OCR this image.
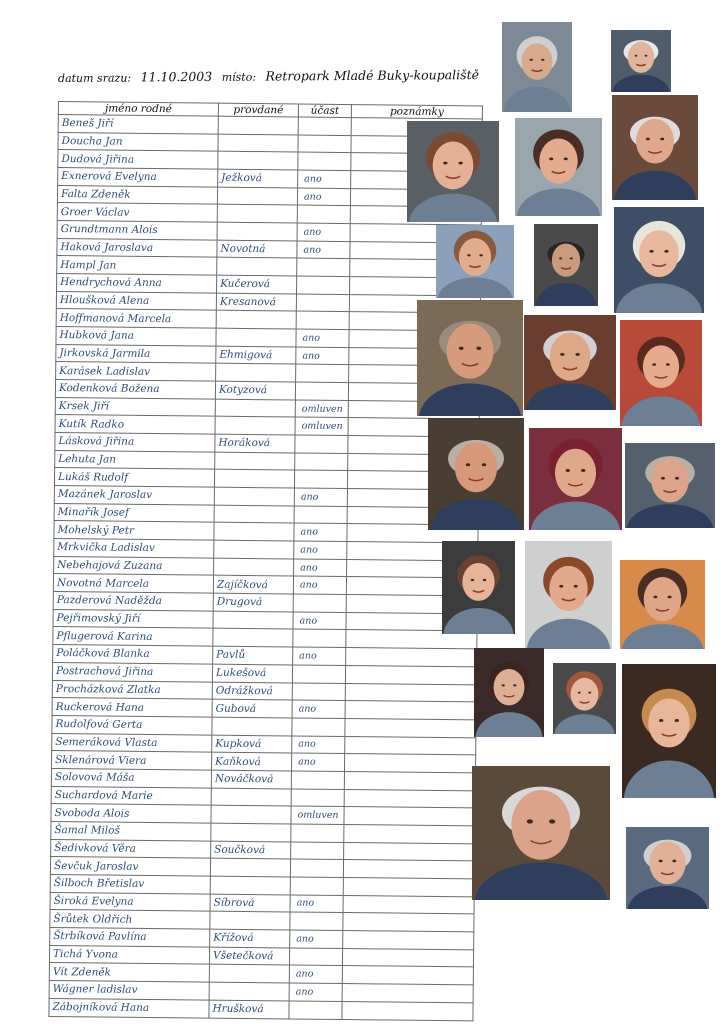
datum srazu: 11.10.2003 místo: Retropark Mladé Buky-koupaliště
jméno rodné	provdané	účast	poznámky
Beneš Jiří			
Doucha Jan			
Dudová Jiřina			
Exnerová Evelyna	Ježková	ano	
Falta Zdeněk		ano	
Groer Václav			
Grundtmann Alois		ano	
Haková Jaroslava	Novotná	ano	
Hampl Jan			
Hendrychová Anna	Kučerová		
Hloušková Alena	Kresanová		
Hoffmanová Marcela			
Hubková Jana		ano	
Jirkovská Jarmila	Ehmigová	ano	
Karásek Ladislav			
Kodenková Božena	Kotyzová		
Krsek Jiří		omluven	
Kutík Radko		omluven	
Lásková Jiřina	Horáková		
Lehuta Jan			
Lukáš Rudolf			
Mazánek Jaroslav		ano	
Minařík Josef			
Mohelský Petr		ano	
Mrkvička Ladislav		ano	
Nebehajová Zuzana		ano	
Novotná Marcela	Zajíčková	ano	
Pazderová Naděžda	Drugová		
Pejřimovský Jiří		ano	
Pflugerová Karina			
Poláčková Blanka	Pavlů	ano	
Postrachová Jiřina	Lukešová		
Procházková Zlatka	Odrážková		
Ruckerová Hana	Gubová	ano	
Rudolfová Gerta			
Semeráková Vlasta	Kupková	ano	
Sklenárová Viera	Kaňková	ano	
Solovová Máša	Nováčková		
Suchardová Marie			
Svoboda Alois		omluven	
Šamal Miloš			
Šedivková Věra	Součková		
Ševčuk Jaroslav			
Šilboch Břetislav			
Široká Evelyna	Síbrová	ano	
Šrůtek Oldřich			
Štrbíková Pavlína	Křížová	ano	
Tichá Yvona	Všetečková		
Vít Zdeněk		ano	
Wágner ladislav		ano	
Zábojníková Hana	Hrušková		
